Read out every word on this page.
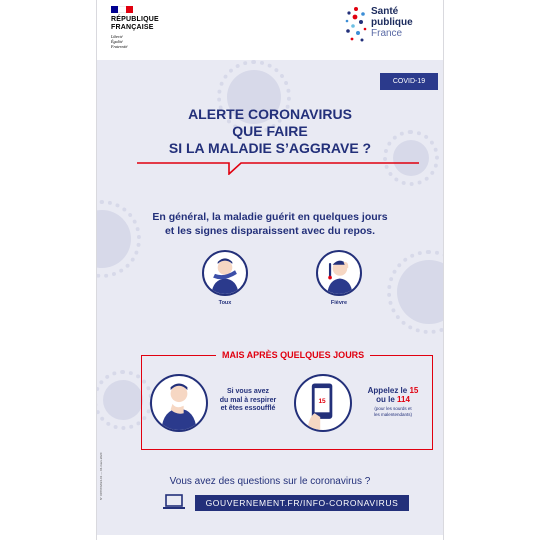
RÉPUBLIQUE
FRANÇAISE
Liberté
Égalité
Fraternité
Santé
publique
France
COVID-19
ALERTE CORONAVIRUS
QUE FAIRE
SI LA MALADIE S’AGGRAVE ?
En général, la maladie guérit en quelques jours
et les signes disparaissent avec du repos.
Toux	Fièvre
MAIS APRÈS QUELQUES JOURS
Si vous avez
du mal à respirer
et êtes essoufflé
15
Appelez le 15
ou le 114
(pour les sourds et
les malentendants)
Vous avez des questions sur le coronavirus ?
GOUVERNEMENT.FR/INFO-CORONAVIRUS
N° DPP/CM/24-01 — 04.mars.2020
